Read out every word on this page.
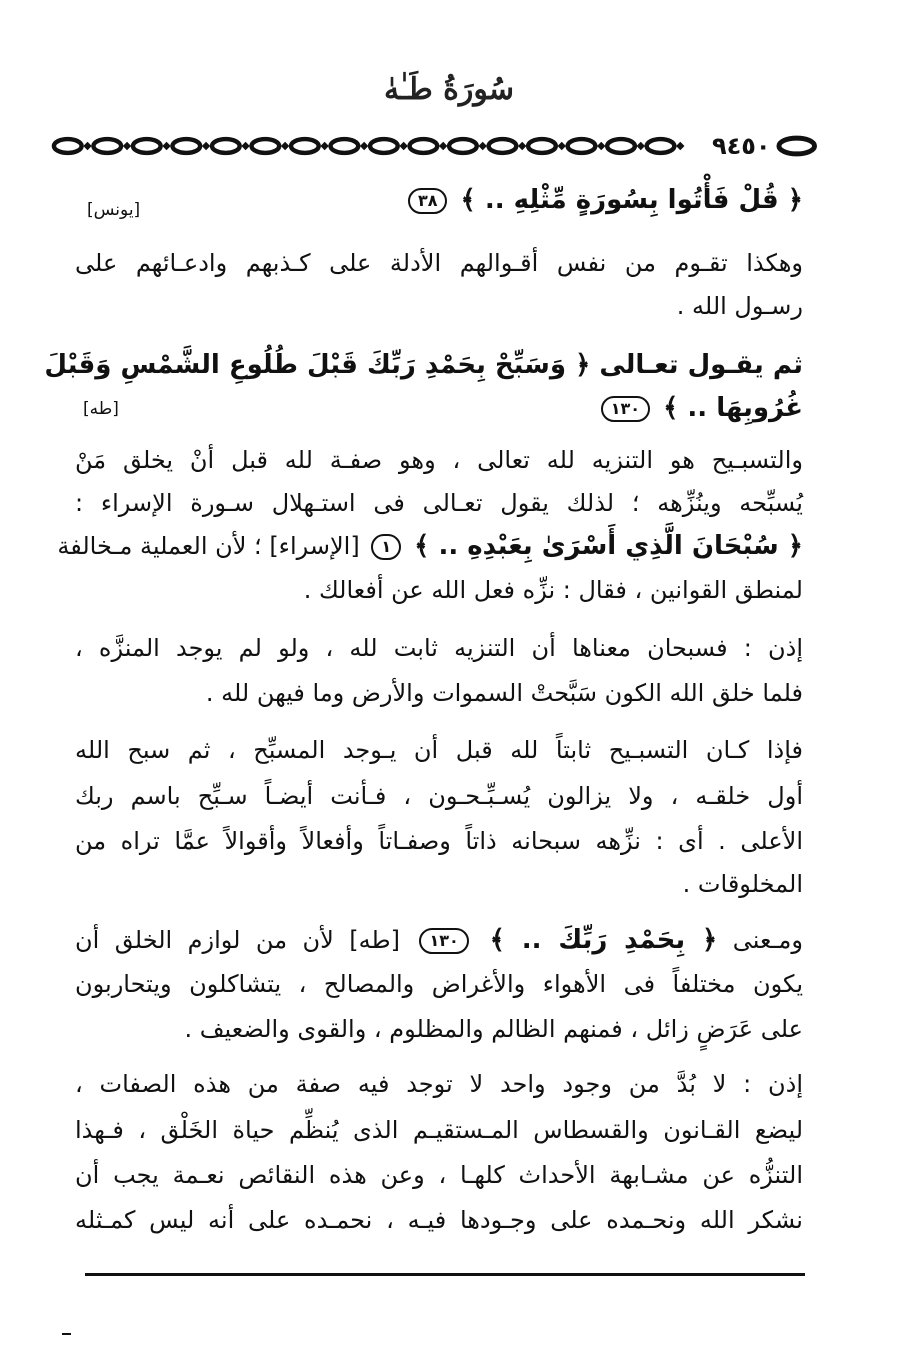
سُورَةُ طَـٰهٰ
٩٤٥٠
﴿ قُلْ فَأْتُوا بِسُورَةٍ مِّثْلِهِ .. ﴾ ٣٨
[يونس]
وهكذا تقـوم من نفس أقـوالهم الأدلة على كـذبهم وادعـائهم على
رسـول الله .
ثم يقـول تعـالى ﴿ وَسَبِّحْ بِحَمْدِ رَبِّكَ قَبْلَ طُلُوعِ الشَّمْسِ وَقَبْلَ
غُرُوبِهَا .. ﴾ ١٣٠
[طه]
والتسبـيح هو التنزيه لله تعالى ، وهو صفـة لله قبل أنْ يخلق مَنْ
يُسبِّحه وينُزِّهه ؛ لذلك يقول تعـالى فى استـهلال سـورة الإسراء :
﴿ سُبْحَانَ الَّذِي أَسْرَىٰ بِعَبْدِهِ .. ﴾ ١ [الإسراء] ؛ لأن العملية مـخالفة
لمنطق القوانين ، فقال : نزِّه فعل الله عن أفعالك .
إذن : فسبحان معناها أن التنزيه ثابت لله ، ولو لم يوجد المنزَّه ،
فلما خلق الله الكون سَبَّحتْ السموات والأرض وما فيهن لله .
فإذا كـان التسبـيح ثابتاً لله قبل أن يـوجد المسبِّح ، ثم سبح الله
أول خلقـه ، ولا يزالون يُسـبِّـحـون ، فـأنت أيضـاً سـبِّح باسم ربك
الأعلى . أى : نزِّهه سبحانه ذاتاً وصفـاتاً وأفعالاً وأقوالاً عمَّا تراه من
المخلوقات .
ومـعنى ﴿ بِحَمْدِ رَبِّكَ .. ﴾ ١٣٠ [طه] لأن من لوازم الخلق أن
يكون مختلفاً فى الأهواء والأغراض والمصالح ، يتشاكلون ويتحاربون
على عَرَضٍ زائل ، فمنهم الظالم والمظلوم ، والقوى والضعيف .
إذن : لا بُدَّ من وجود واحد لا توجد فيه صفة من هذه الصفات ،
ليضع القـانون والقسطاس المـستقيـم الذى يُنظِّم حياة الخَلْق ، فـهذا
التنزُّه عن مشـابهة الأحداث كلهـا ، وعن هذه النقائص نعـمة يجب أن
نشكر الله ونحـمده على وجـودها فيـه ، نحمـده على أنه ليس كمـثله
